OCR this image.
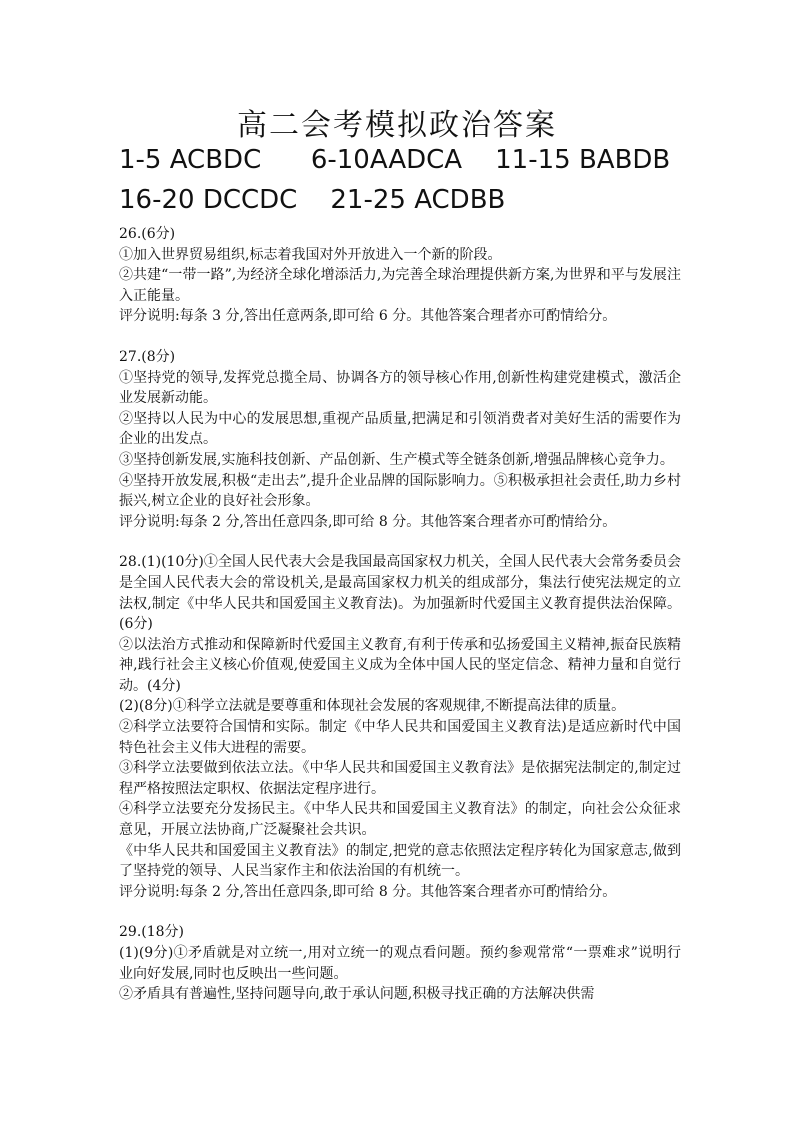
高二会考模拟政治答案
1-5 ACBDC      6-10AADCA    11-15 BABDB
16-20 DCCDC    21-25 ACDBB

26.(6分)

①加入世界贸易组织,标志着我国对外开放进入一个新的阶段。

②共建“一带一路”,为经济全球化增添活力,为完善全球治理提供新方案,为世界和平与发展注入正能量。

评分说明:每条 3 分,答出任意两条,即可给 6 分。其他答案合理者亦可酌情给分。

27.(8分)

①坚持党的领导,发挥党总揽全局、协调各方的领导核心作用,创新性构建党建模式，激活企业发展新动能。

②坚持以人民为中心的发展思想,重视产品质量,把满足和引领消费者对美好生活的需要作为企业的出发点。

③坚持创新发展,实施科技创新、产品创新、生产模式等全链条创新,增强品牌核心竞争力。

④坚持开放发展,积极“走出去”,提升企业品牌的国际影响力。⑤积极承担社会责任,助力乡村振兴,树立企业的良好社会形象。

评分说明:每条 2 分,答出任意四条,即可给 8 分。其他答案合理者亦可酌情给分。

28.(1)(10分)①全国人民代表大会是我国最高国家权力机关，全国人民代表大会常务委员会是全国人民代表大会的常设机关,是最高国家权力机关的组成部分，集法行使宪法规定的立法权,制定《中华人民共和国爱国主义教育法)。为加强新时代爱国主义教育提供法治保障。(6分)

②以法治方式推动和保障新时代爱国主义教育,有利于传承和弘扬爱国主义精神,振奋民族精神,践行社会主义核心价值观,使爱国主义成为全体中国人民的坚定信念、精神力量和自觉行动。(4分)

(2)(8分)①科学立法就是要尊重和体现社会发展的客观规律,不断提高法律的质量。

②科学立法要符合国情和实际。制定《中华人民共和国爱国主义教育法)是适应新时代中国特色社会主义伟大进程的需要。

③科学立法要做到依法立法。《中华人民共和国爱国主义教育法》是依据宪法制定的,制定过程严格按照法定职权、依据法定程序进行。

④科学立法要充分发扬民主。《中华人民共和国爱国主义教育法》的制定，向社会公众征求意见，开展立法协商,广泛凝聚社会共识。

《中华人民共和国爱国主义教育法》的制定,把党的意志依照法定程序转化为国家意志,做到了坚持党的领导、人民当家作主和依法治国的有机统一。

评分说明:每条 2 分,答出任意四条,即可给 8 分。其他答案合理者亦可酌情给分。

29.(18分)

(1)(9分)①矛盾就是对立统一,用对立统一的观点看问题。预约参观常常“一票难求”说明行业向好发展,同时也反映出一些问题。

②矛盾具有普遍性,坚持问题导向,敢于承认问题,积极寻找正确的方法解决供需
